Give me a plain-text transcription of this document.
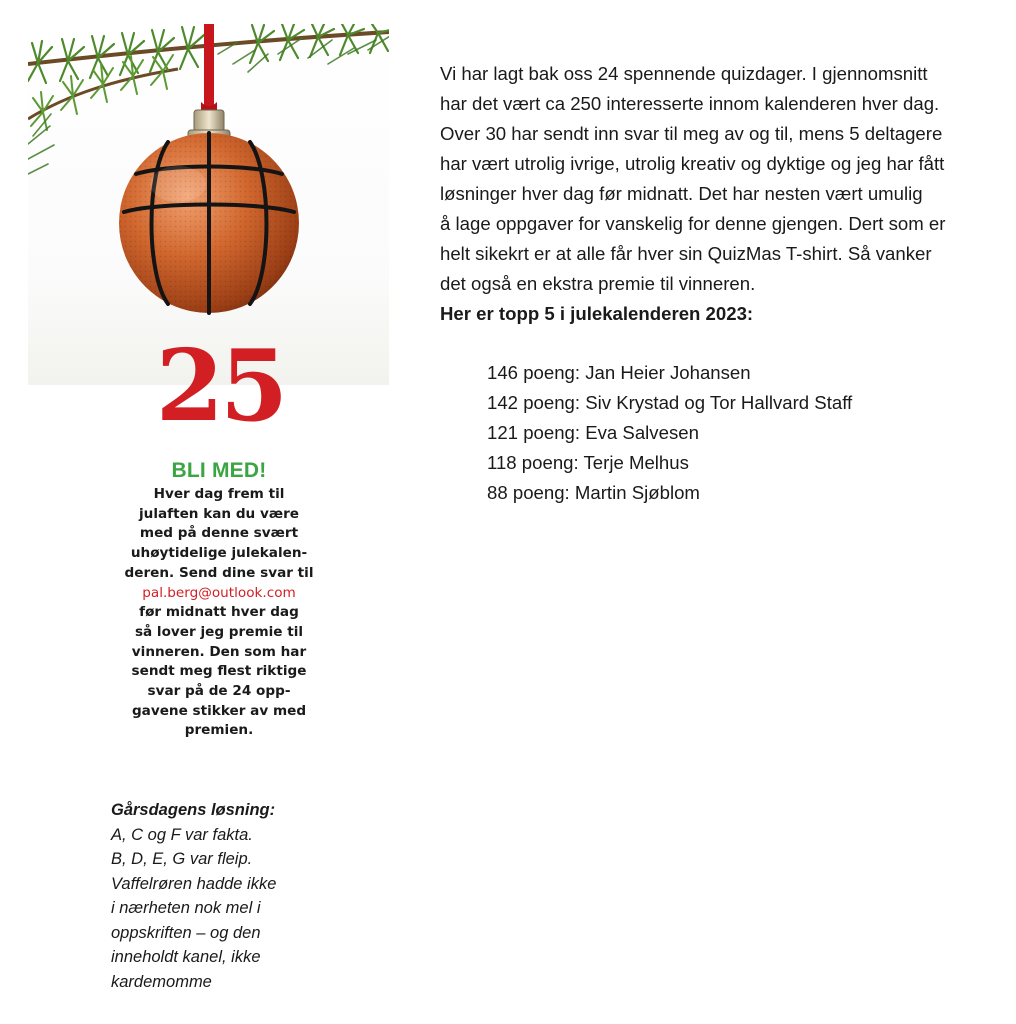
25
BLI MED!
Hver dag frem til
julaften kan du være
med på denne svært
uhøytidelige julekalen-
deren. Send dine svar til
pal.berg@outlook.com
før midnatt hver dag
så lover jeg premie til
vinneren. Den som har
sendt meg flest riktige
svar på de 24 opp-
gavene stikker av med
premien.
Gårsdagens løsning:
A, C og F var fakta.
B, D, E, G var fleip.
Vaffelrøren hadde ikke
i nærheten nok mel i
oppskriften – og den
inneholdt kanel, ikke
kardemomme
Vi har lagt bak oss 24 spennende quizdager. I gjennomsnitt
har det vært ca 250 interesserte innom kalenderen hver dag.
Over 30 har sendt inn svar til meg av og til, mens 5 deltagere
har vært utrolig ivrige, utrolig kreativ og dyktige og jeg har fått
løsninger hver dag før midnatt. Det har nesten vært umulig
å lage oppgaver for vanskelig for denne gjengen. Dert som er
helt sikekrt er at alle får hver sin QuizMas T-shirt. Så vanker
det også en ekstra premie til vinneren.
Her er topp 5 i julekalenderen 2023:
146 poeng: Jan Heier Johansen
142 poeng: Siv Krystad og Tor Hallvard Staff
121 poeng: Eva Salvesen
118 poeng: Terje Melhus
88 poeng: Martin Sjøblom
